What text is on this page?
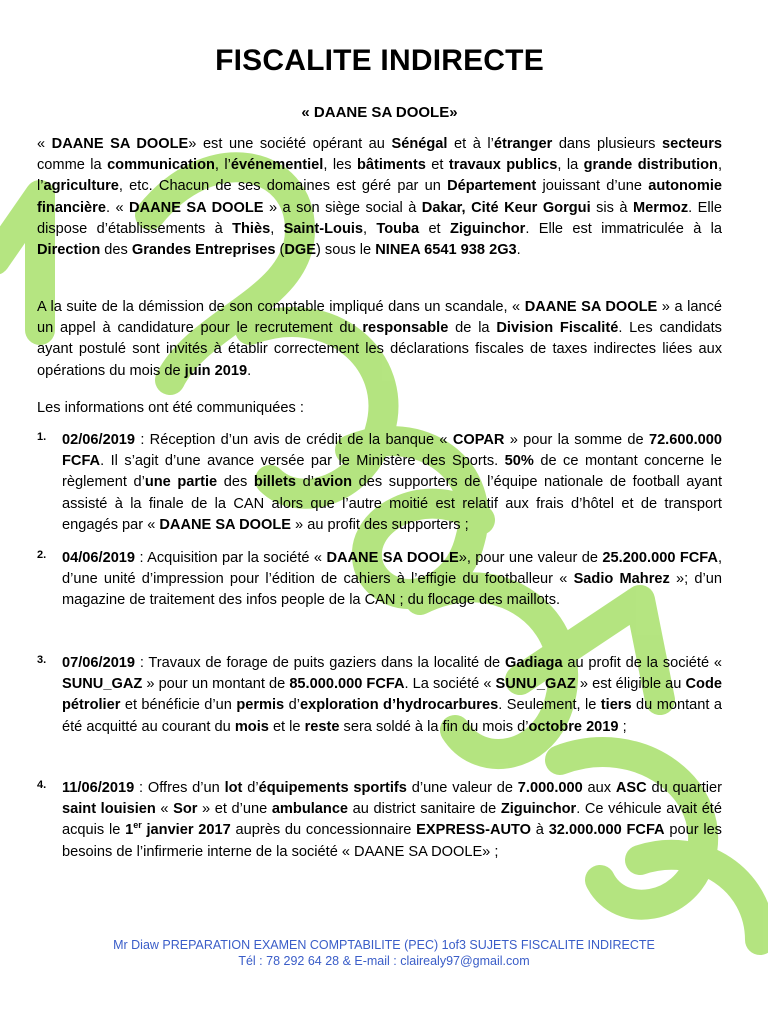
FISCALITE INDIRECTE
« DAANE SA DOOLE»

« DAANE SA DOOLE» est une société opérant au Sénégal et à l’étranger dans plusieurs secteurs comme la communication, l’événementiel, les bâtiments et travaux publics, la grande distribution, l’agriculture, etc. Chacun de ses domaines est géré par un Département jouissant d’une autonomie financière. « DAANE SA DOOLE » a son siège social à Dakar, Cité Keur Gorgui sis à Mermoz. Elle dispose d’établissements à Thiès, Saint-Louis, Touba et Ziguinchor. Elle est immatriculée à la Direction des Grandes Entreprises (DGE) sous le NINEA 6541 938 2G3.

A la suite de la démission de son comptable impliqué dans un scandale, « DAANE SA DOOLE » a lancé un appel à candidature pour le recrutement du responsable de la Division Fiscalité. Les candidats ayant postulé sont invités à établir correctement les déclarations fiscales de taxes indirectes liées aux opérations du mois de juin 2019.

Les informations ont été communiquées :

1. 02/06/2019 : Réception d’un avis de crédit de la banque « COPAR » pour la somme de 72.600.000 FCFA. Il s’agit d’une avance versée par le Ministère des Sports. 50% de ce montant concerne le règlement d’une partie des billets d’avion des supporters de l’équipe nationale de football ayant assisté à la finale de la CAN alors que l’autre moitié est relatif aux frais d’hôtel et de transport engagés par « DAANE SA DOOLE » au profit des supporters ;

2. 04/06/2019 : Acquisition par la société « DAANE SA DOOLE», pour une valeur de 25.200.000 FCFA, d’une unité d’impression pour l’édition de cahiers à l’effigie du footballeur « Sadio Mahrez »; d’un magazine de traitement des infos people de la CAN ; du flocage des maillots.

3. 07/06/2019 : Travaux de forage de puits gaziers dans la localité de Gadiaga au profit de la société « SUNU_GAZ » pour un montant de 85.000.000 FCFA. La société « SUNU_GAZ » est éligible au Code pétrolier et bénéficie d’un permis d’exploration d’hydrocarbures. Seulement, le tiers du montant a été acquitté au courant du mois et le reste sera soldé à la fin du mois d’octobre 2019 ;

4. 11/06/2019 : Offres d’un lot d’équipements sportifs d’une valeur de 7.000.000 aux ASC du quartier saint louisien « Sor » et d’une ambulance au district sanitaire de Ziguinchor. Ce véhicule avait été acquis le 1er janvier 2017 auprès du concessionnaire EXPRESS-AUTO à 32.000.000 FCFA pour les besoins de l’infirmerie interne de la société « DAANE SA DOOLE» ;

Mr Diaw PREPARATION EXAMEN COMPTABILITE (PEC) 1of3 SUJETS FISCALITE INDIRECTE
Tél : 78 292 64 28 & E-mail : clairealy97@gmail.com
